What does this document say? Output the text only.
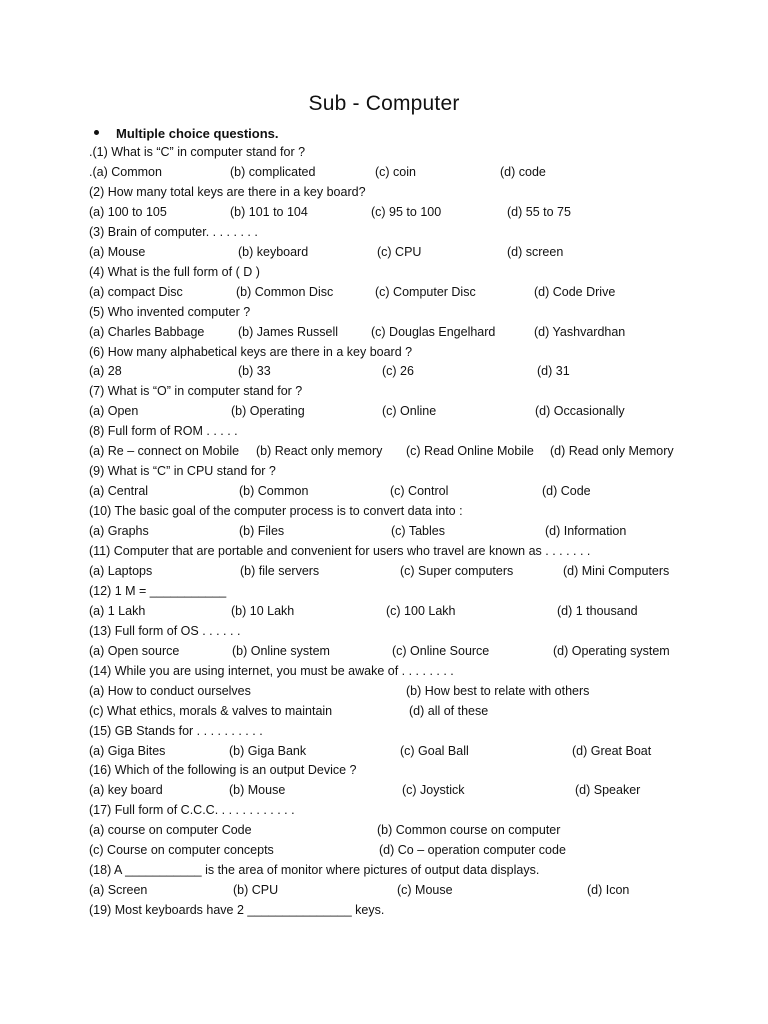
Sub - Computer
Multiple choice questions.
.(1) What is “C” in computer stand for ?
.(a) Common	(b) complicated	(c) coin	(d) code
(2) How many total keys are there in a key board?
(a) 100 to 105	(b) 101 to 104	(c) 95 to 100	(d) 55 to 75
(3) Brain of computer. . . . . . . .
(a) Mouse	(b) keyboard	(c) CPU	(d) screen
(4) What is the full form of ( D )
(a) compact Disc	(b) Common Disc	(c) Computer Disc	(d) Code Drive
(5) Who invented computer ?
(a) Charles Babbage	(b) James Russell	(c) Douglas Engelhard	(d) Yashvardhan
(6) How many alphabetical keys are there in a key board ?
(a) 28	(b) 33	(c) 26	(d) 31
(7) What is “O” in computer stand for ?
(a) Open	(b) Operating	(c) Online	(d) Occasionally
(8) Full form of ROM . . . . .
(a) Re – connect on Mobile (b) React only memory (c) Read Online Mobile (d) Read only Memory
(9) What is “C” in CPU stand for ?
(a) Central	(b) Common	(c) Control	(d) Code
(10) The basic goal of the computer process is to convert data into :
(a) Graphs	(b) Files	(c) Tables	(d) Information
(11) Computer that are portable and convenient for users who travel are known as . . . . . . .
(a) Laptops	(b) file servers	(c) Super computers	(d) Mini Computers
(12) 1 M = ___________
(a) 1 Lakh	(b) 10 Lakh	(c) 100 Lakh	(d) 1 thousand
(13) Full form of OS . . . . . .
(a) Open source	(b) Online system	(c) Online Source	(d) Operating system
(14) While you are using internet, you must be awake of . . . . . . . .
(a) How to conduct ourselves	(b) How best to relate with others
(c) What ethics, morals & valves to maintain	(d) all of these
(15) GB Stands for . . . . . . . . . .
(a) Giga Bites	(b) Giga Bank	(c) Goal Ball	(d) Great Boat
(16) Which of the following is an output Device ?
(a) key board	(b) Mouse	(c) Joystick	(d) Speaker
(17) Full form of C.C.C. . . . . . . . . . . .
(a) course on computer Code	(b) Common course on computer
(c) Course on computer concepts	(d) Co – operation computer code
(18) A ___________ is the area of monitor where pictures of output data displays.
(a) Screen	(b) CPU	(c) Mouse	(d) Icon
(19) Most keyboards have 2 _______________ keys.
